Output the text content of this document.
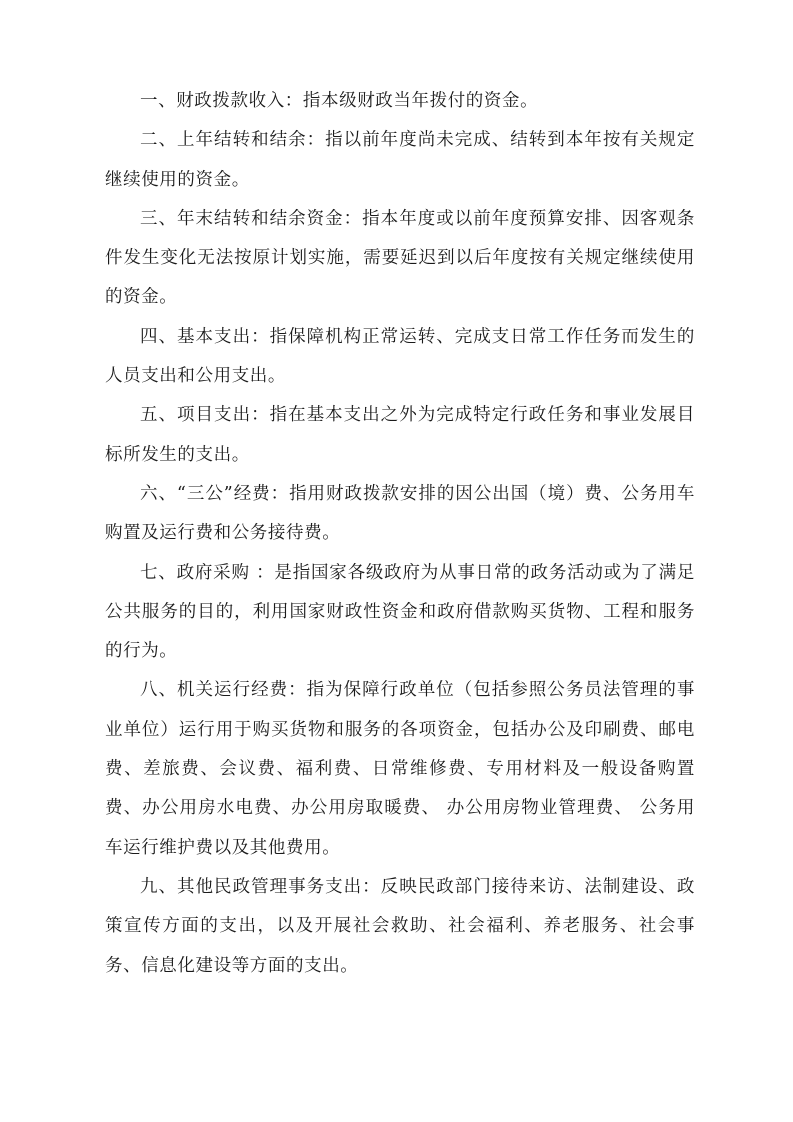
一、财政拨款收入：指本级财政当年拨付的资金。

二、上年结转和结余：指以前年度尚未完成、结转到本年按有关规定继续使用的资金。

三、年末结转和结余资金：指本年度或以前年度预算安排、因客观条件发生变化无法按原计划实施，需要延迟到以后年度按有关规定继续使用的资金。

四、基本支出：指保障机构正常运转、完成支日常工作任务而发生的人员支出和公用支出。

五、项目支出：指在基本支出之外为完成特定行政任务和事业发展目标所发生的支出。

六、“三公”经费：指用财政拨款安排的因公出国（境）费、公务用车购置及运行费和公务接待费。

七、政府采购 ：是指国家各级政府为从事日常的政务活动或为了满足公共服务的目的，利用国家财政性资金和政府借款购买货物、工程和服务的行为。

八、机关运行经费：指为保障行政单位（包括参照公务员法管理的事业单位）运行用于购买货物和服务的各项资金，包括办公及印刷费、邮电费、差旅费、会议费、福利费、日常维修费、专用材料及一般设备购置费、办公用房水电费、办公用房取暖费、 办公用房物业管理费、 公务用车运行维护费以及其他费用。

九、其他民政管理事务支出：反映民政部门接待来访、法制建设、政策宣传方面的支出，以及开展社会救助、社会福利、养老服务、社会事务、信息化建设等方面的支出。
